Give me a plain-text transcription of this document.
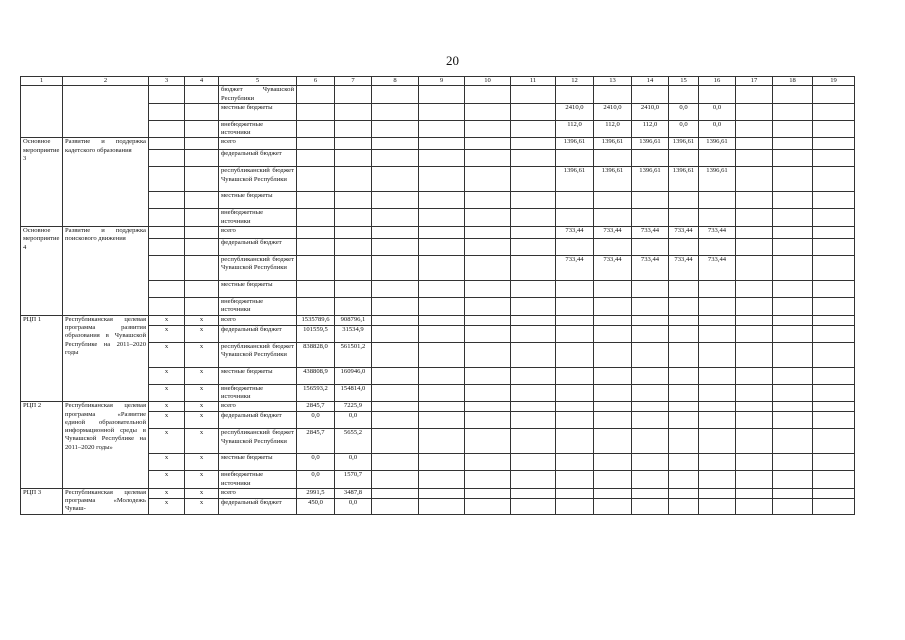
20
1	2	3	4	5	6	7	8	9	10	11	12	13	14	15	16	17	18	19
				бюджет Чувашской Республики														
				местные бюджеты							2410,0	2410,0	2410,0	0,0	0,0			
				внебюджетные источники							112,0	112,0	112,0	0,0	0,0			
Основное мероприятие 3	Развитие и поддержка кадетского образования			всего							1396,61	1396,61	1396,61	1396,61	1396,61			
				федеральный бюджет														
				республиканский бюджет Чувашской Республики							1396,61	1396,61	1396,61	1396,61	1396,61			
				местные бюджеты														
				внебюджетные источники														
Основное мероприятие 4	Развитие и поддержка поискового движения			всего							733,44	733,44	733,44	733,44	733,44			
				федеральный бюджет														
				республиканский бюджет Чувашской Республики							733,44	733,44	733,44	733,44	733,44			
				местные бюджеты														
				внебюджетные источники														
РЦП 1	Республиканская целевая программа развития образования в Чувашской Республике на 2011–2020 годы	x	x	всего	1535789,6	908796,1												
		x	x	федеральный бюджет	101559,5	31534,9												
		x	x	республиканский бюджет Чувашской Республики	838828,0	561501,2												
		x	x	местные бюджеты	438808,9	160946,0												
		x	x	внебюджетные источники	156593,2	154814,0												
РЦП 2	Республиканская целевая программа «Развитие единой образовательной информационной среды в Чувашской Республике на 2011–2020 годы»	x	x	всего	2845,7	7225,9												
		x	x	федеральный бюджет	0,0	0,0												
		x	x	республиканский бюджет Чувашской Республики	2845,7	5655,2												
		x	x	местные бюджеты	0,0	0,0												
		x	x	внебюджетные источники	0,0	1570,7												
РЦП 3	Республиканская целевая программа «Молодежь Чуваш-	x	x	всего	2991,5	3487,8												
		x	x	федеральный бюджет	450,0	0,0												
